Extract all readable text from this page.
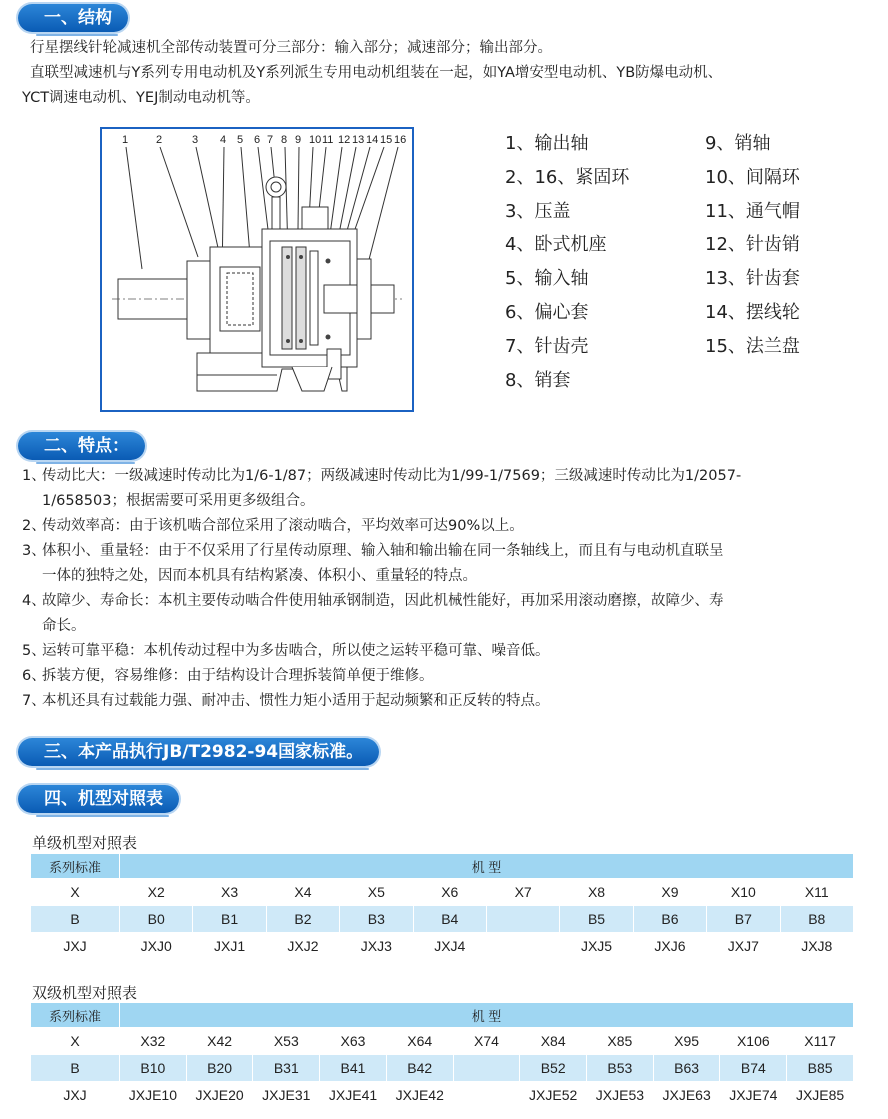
一、结构
行星摆线针轮减速机全部传动装置可分三部分：输入部分；减速部分；输出部分。
直联型减速机与Y系列专用电动机及Y系列派生专用电动机组装在一起，如YA增安型电动机、YB防爆电动机、
YCT调速电动机、YEJ制动电动机等。
1	2	3 4 5 6 7 8 9 10 11 12 13 14 15 16	1、输出轴
2、16、紧固环
3、压盖
4、卧式机座
5、输入轴
6、偏心套
7、针齿壳
8、销套
9、销轴
10、间隔环
11、通气帽
12、针齿销
13、针齿套
14、摆线轮
15、法兰盘
二、特点：
1、
传动比大：一级减速时传动比为1/6-1/87；两级减速时传动比为1/99-1/7569；三级减速时传动比为1/2057-
1/658503；根据需要可采用更多级组合。
2、
传动效率高：由于该机啮合部位采用了滚动啮合，平均效率可达90%以上。
3、
体积小、重量轻：由于不仅采用了行星传动原理、输入轴和输出输在同一条轴线上，而且有与电动机直联呈
一体的独特之处，因而本机具有结构紧凑、体积小、重量轻的特点。
4、
故障少、寿命长：本机主要传动啮合件使用轴承钢制造，因此机械性能好，再加采用滚动磨擦，故障少、寿
命长。
5、
运转可靠平稳：本机传动过程中为多齿啮合，所以使之运转平稳可靠、噪音低。
6、
拆装方便，容易维修：由于结构设计合理拆装简单便于维修。
7、
本机还具有过载能力强、耐冲击、惯性力矩小适用于起动频繁和正反转的特点。
三、本产品执行JB/T2982-94国家标准。
四、机型对照表
单级机型对照表
系列标准	机 型									
X	X2	X3	X4	X5	X6	X7	X8	X9	X10	X11
B	B0	B1	B2	B3	B4		B5	B6	B7	B8
JXJ	JXJ0	JXJ1	JXJ2	JXJ3	JXJ4		JXJ5	JXJ6	JXJ7	JXJ8
双级机型对照表
系列标准	机 型										
X	X32	X42	X53	X63	X64	X74	X84	X85	X95	X106	X117
B	B10	B20	B31	B41	B42		B52	B53	B63	B74	B85
JXJ	JXJE10	JXJE20	JXJE31	JXJE41	JXJE42		JXJE52	JXJE53	JXJE63	JXJE74	JXJE85
